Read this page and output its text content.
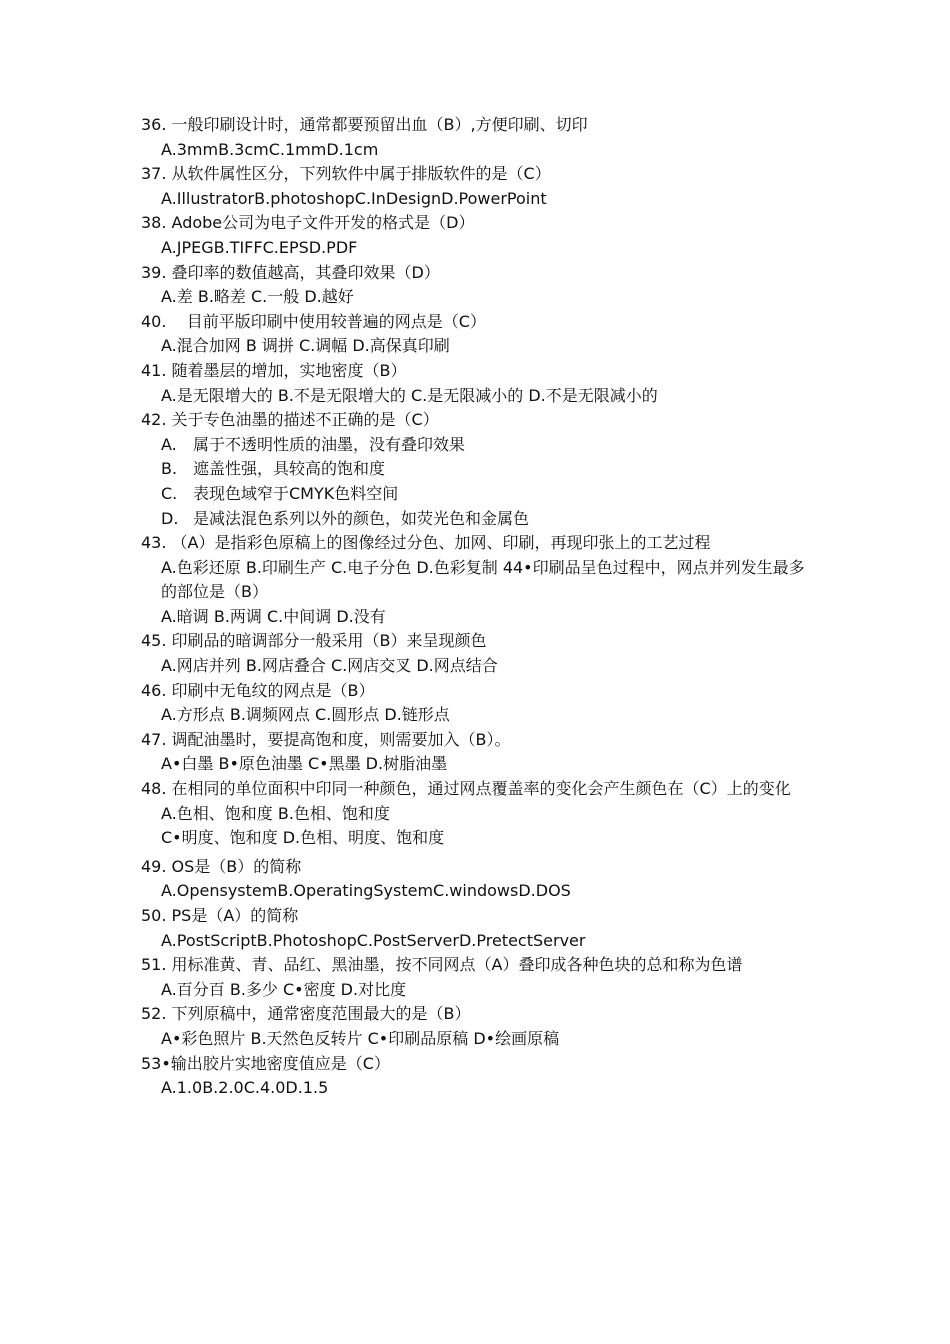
36. 一般印刷设计时，通常都要预留出血（B）,方便印刷、切印

A.3mmB.3cmC.1mmD.1cm

37. 从软件属性区分，下列软件中属于排版软件的是（C）

A.IllustratorB.photoshopC.InDesignD.PowerPoint

38. Adobe公司为电子文件开发的格式是（D）

A.JPEGB.TIFFC.EPSD.PDF

39. 叠印率的数值越高，其叠印效果（D）

A.差 B.略差 C.一般 D.越好

40.    目前平版印刷中使用较普遍的网点是（C）

A.混合加网 B 调拼 C.调幅 D.高保真印刷

41. 随着墨层的增加，实地密度（B）

A.是无限增大的 B.不是无限增大的 C.是无限减小的 D.不是无限减小的

42. 关于专色油墨的描述不正确的是（C）

A.	属于不透明性质的油墨，没有叠印效果
B. 遮盖性强，具较高的饱和度
C. 表现色域窄于CMYK色料空间
D. 是减法混色系列以外的颜色，如荧光色和金属色

43. （A）是指彩色原稿上的图像经过分色、加网、印刷，再现印张上的工艺过程

A.色彩还原 B.印刷生产 C.电子分色 D.色彩复制 44•印刷品呈色过程中，网点并列发生最多的部位是（B）

A.暗调 B.两调 C.中间调 D.没有

45. 印刷品的暗调部分一般采用（B）来呈现颜色

A.网店并列 B.网店叠合 C.网店交叉 D.网点结合

46. 印刷中无龟纹的网点是（B）

A.方形点 B.调频网点 C.圆形点 D.链形点

47. 调配油墨时，要提高饱和度，则需要加入（B）。

A•白墨 B•原色油墨 C•黑墨 D.树脂油墨

48. 在相同的单位面积中印同一种颜色，通过网点覆盖率的变化会产生颜色在（C）上的变化

A.色相、饱和度 B.色相、饱和度

C•明度、饱和度 D.色相、明度、饱和度

49. OS是（B）的简称

A.OpensystemB.OperatingSystemC.windowsD.DOS

50. PS是（A）的简称

A.PostScriptB.PhotoshopC.PostServerD.PretectServer

51. 用标准黄、青、品红、黑油墨，按不同网点（A）叠印成各种色块的总和称为色谱

A.百分百 B.多少 C•密度 D.对比度

52. 下列原稿中，通常密度范围最大的是（B）

A•彩色照片 B.天然色反转片 C•印刷品原稿 D•绘画原稿

53•输出胶片实地密度值应是（C）

A.1.0B.2.0C.4.0D.1.5
